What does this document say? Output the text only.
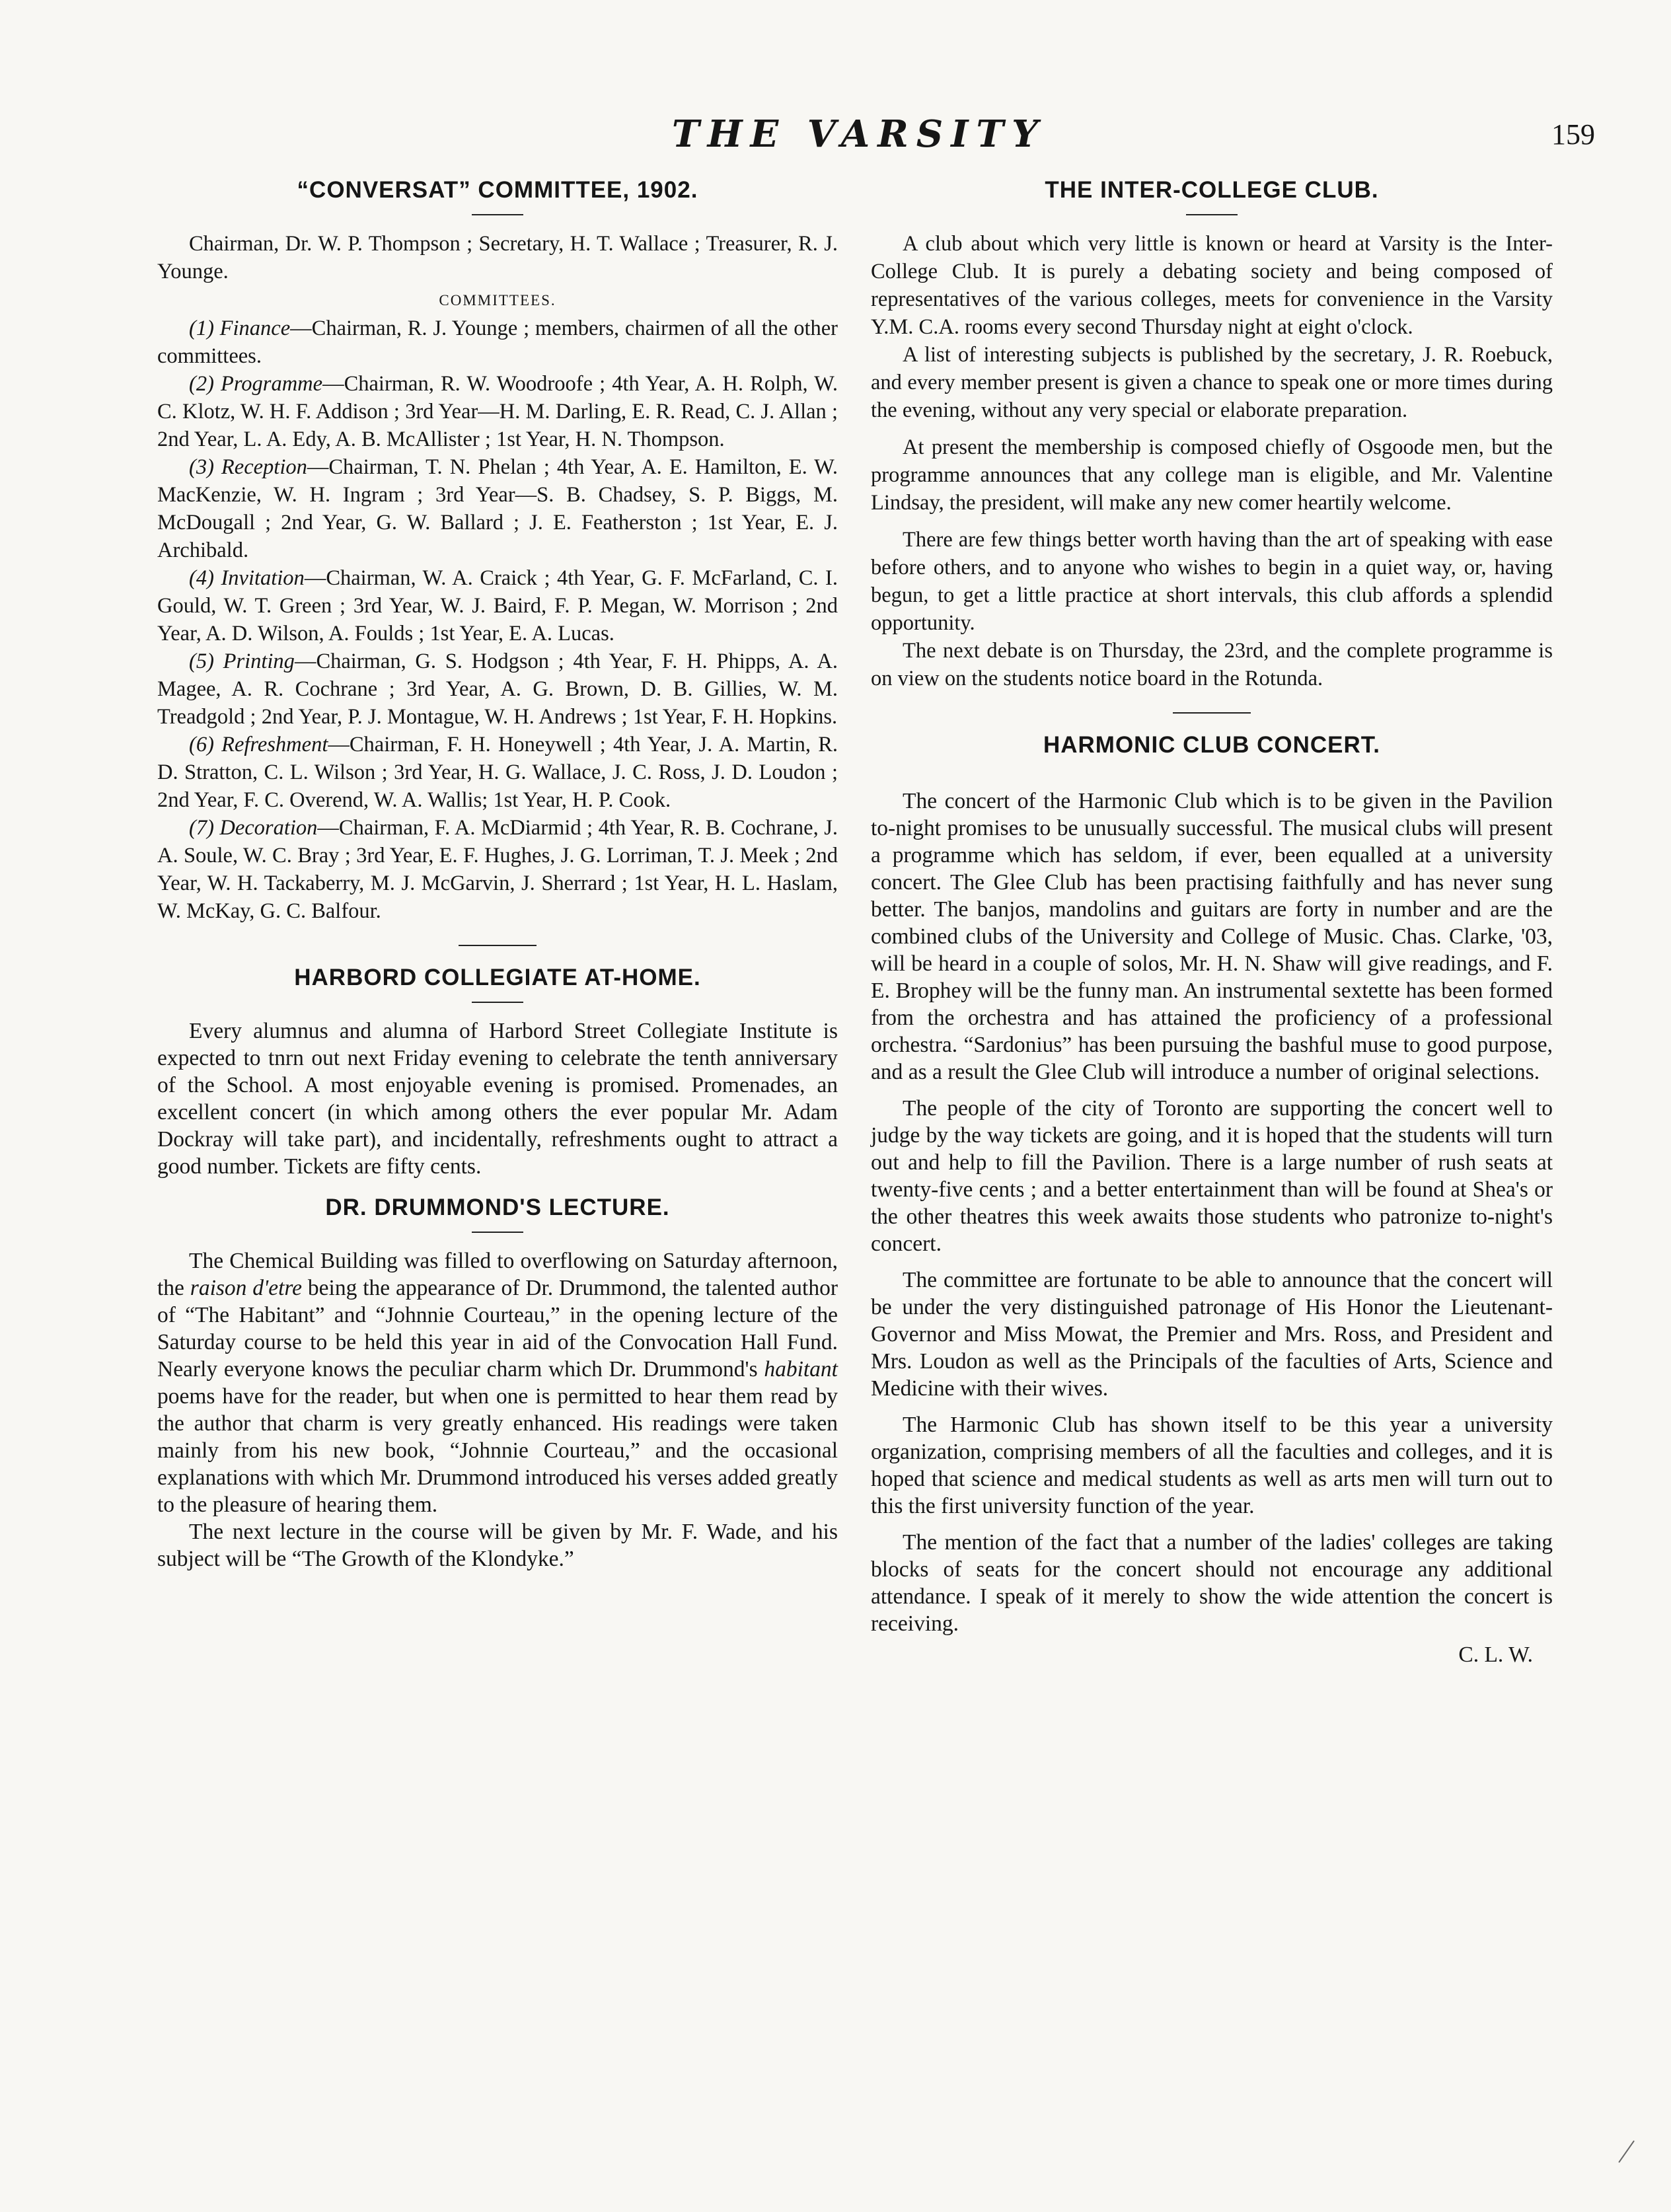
THE VARSITY	159
“CONVERSAT” COMMITTEE, 1902.

Chairman, Dr. W. P. Thompson ; Secretary, H. T. Wallace ; Treasurer, R. J. Younge.

COMMITTEES.

(1) Finance—Chairman, R. J. Younge ; members, chairmen of all the other committees.

(2) Programme—Chairman, R. W. Woodroofe ; 4th Year, A. H. Rolph, W. C. Klotz, W. H. F. Addison ; 3rd Year—H. M. Darling, E. R. Read, C. J. Allan ; 2nd Year, L. A. Edy, A. B. McAllister ; 1st Year, H. N. Thompson.

(3) Reception—Chairman, T. N. Phelan ; 4th Year, A. E. Hamilton, E. W. MacKenzie, W. H. Ingram ; 3rd Year—S. B. Chadsey, S. P. Biggs, M. McDougall ; 2nd Year, G. W. Ballard ; J. E. Featherston ; 1st Year, E. J. Archibald.

(4) Invitation—Chairman, W. A. Craick ; 4th Year, G. F. McFarland, C. I. Gould, W. T. Green ; 3rd Year, W. J. Baird, F. P. Megan, W. Morrison ; 2nd Year, A. D. Wilson, A. Foulds ; 1st Year, E. A. Lucas.

(5) Printing—Chairman, G. S. Hodgson ; 4th Year, F. H. Phipps, A. A. Magee, A. R. Cochrane ; 3rd Year, A. G. Brown, D. B. Gillies, W. M. Treadgold ; 2nd Year, P. J. Montague, W. H. Andrews ; 1st Year, F. H. Hopkins.

(6) Refreshment—Chairman, F. H. Honeywell ; 4th Year, J. A. Martin, R. D. Stratton, C. L. Wilson ; 3rd Year, H. G. Wallace, J. C. Ross, J. D. Loudon ; 2nd Year, F. C. Overend, W. A. Wallis; 1st Year, H. P. Cook.

(7) Decoration—Chairman, F. A. McDiarmid ; 4th Year, R. B. Cochrane, J. A. Soule, W. C. Bray ; 3rd Year, E. F. Hughes, J. G. Lorriman, T. J. Meek ; 2nd Year, W. H. Tackaberry, M. J. McGarvin, J. Sherrard ; 1st Year, H. L. Haslam, W. McKay, G. C. Balfour.

HARBORD COLLEGIATE AT-HOME.

Every alumnus and alumna of Harbord Street Collegiate Institute is expected to tnrn out next Friday evening to celebrate the tenth anniversary of the School. A most enjoyable evening is promised. Promenades, an excellent concert (in which among others the ever popular Mr. Adam Dockray will take part), and incidentally, refreshments ought to attract a good number. Tickets are fifty cents.

DR. DRUMMOND'S LECTURE.

The Chemical Building was filled to overflowing on Saturday afternoon, the raison d'etre being the appearance of Dr. Drummond, the talented author of “The Habitant” and “Johnnie Courteau,” in the opening lecture of the Saturday course to be held this year in aid of the Convocation Hall Fund. Nearly everyone knows the peculiar charm which Dr. Drummond's habitant poems have for the reader, but when one is permitted to hear them read by the author that charm is very greatly enhanced. His readings were taken mainly from his new book, “Johnnie Courteau,” and the occasional explanations with which Mr. Drummond introduced his verses added greatly to the pleasure of hearing them.

The next lecture in the course will be given by Mr. F. Wade, and his subject will be “The Growth of the Klondyke.”

THE INTER-COLLEGE CLUB.

A club about which very little is known or heard at Varsity is the Inter-College Club. It is purely a debating society and being composed of representatives of the various colleges, meets for convenience in the Varsity Y.M. C.A. rooms every second Thursday night at eight o'clock.

A list of interesting subjects is published by the secretary, J. R. Roebuck, and every member present is given a chance to speak one or more times during the evening, without any very special or elaborate preparation.

At present the membership is composed chiefly of Osgoode men, but the programme announces that any college man is eligible, and Mr. Valentine Lindsay, the president, will make any new comer heartily welcome.

There are few things better worth having than the art of speaking with ease before others, and to anyone who wishes to begin in a quiet way, or, having begun, to get a little practice at short intervals, this club affords a splendid opportunity.

The next debate is on Thursday, the 23rd, and the complete programme is on view on the students notice board in the Rotunda.

HARMONIC CLUB CONCERT.

The concert of the Harmonic Club which is to be given in the Pavilion to-night promises to be unusually successful. The musical clubs will present a programme which has seldom, if ever, been equalled at a university concert. The Glee Club has been practising faithfully and has never sung better. The banjos, mandolins and guitars are forty in number and are the combined clubs of the University and College of Music. Chas. Clarke, '03, will be heard in a couple of solos, Mr. H. N. Shaw will give readings, and F. E. Brophey will be the funny man. An instrumental sextette has been formed from the orchestra and has attained the proficiency of a professional orchestra. “Sardonius” has been pursuing the bashful muse to good purpose, and as a result the Glee Club will introduce a number of original selections.

The people of the city of Toronto are supporting the concert well to judge by the way tickets are going, and it is hoped that the students will turn out and help to fill the Pavilion. There is a large number of rush seats at twenty-five cents ; and a better entertainment than will be found at Shea's or the other theatres this week awaits those students who patronize to-night's concert.

The committee are fortunate to be able to announce that the concert will be under the very distinguished patronage of His Honor the Lieutenant-Governor and Miss Mowat, the Premier and Mrs. Ross, and President and Mrs. Loudon as well as the Principals of the faculties of Arts, Science and Medicine with their wives.

The Harmonic Club has shown itself to be this year a university organization, comprising members of all the faculties and colleges, and it is hoped that science and medical students as well as arts men will turn out to this the first university function of the year.

The mention of the fact that a number of the ladies' colleges are taking blocks of seats for the concert should not encourage any additional attendance. I speak of it merely to show the wide attention the concert is receiving.

C. L. W.
